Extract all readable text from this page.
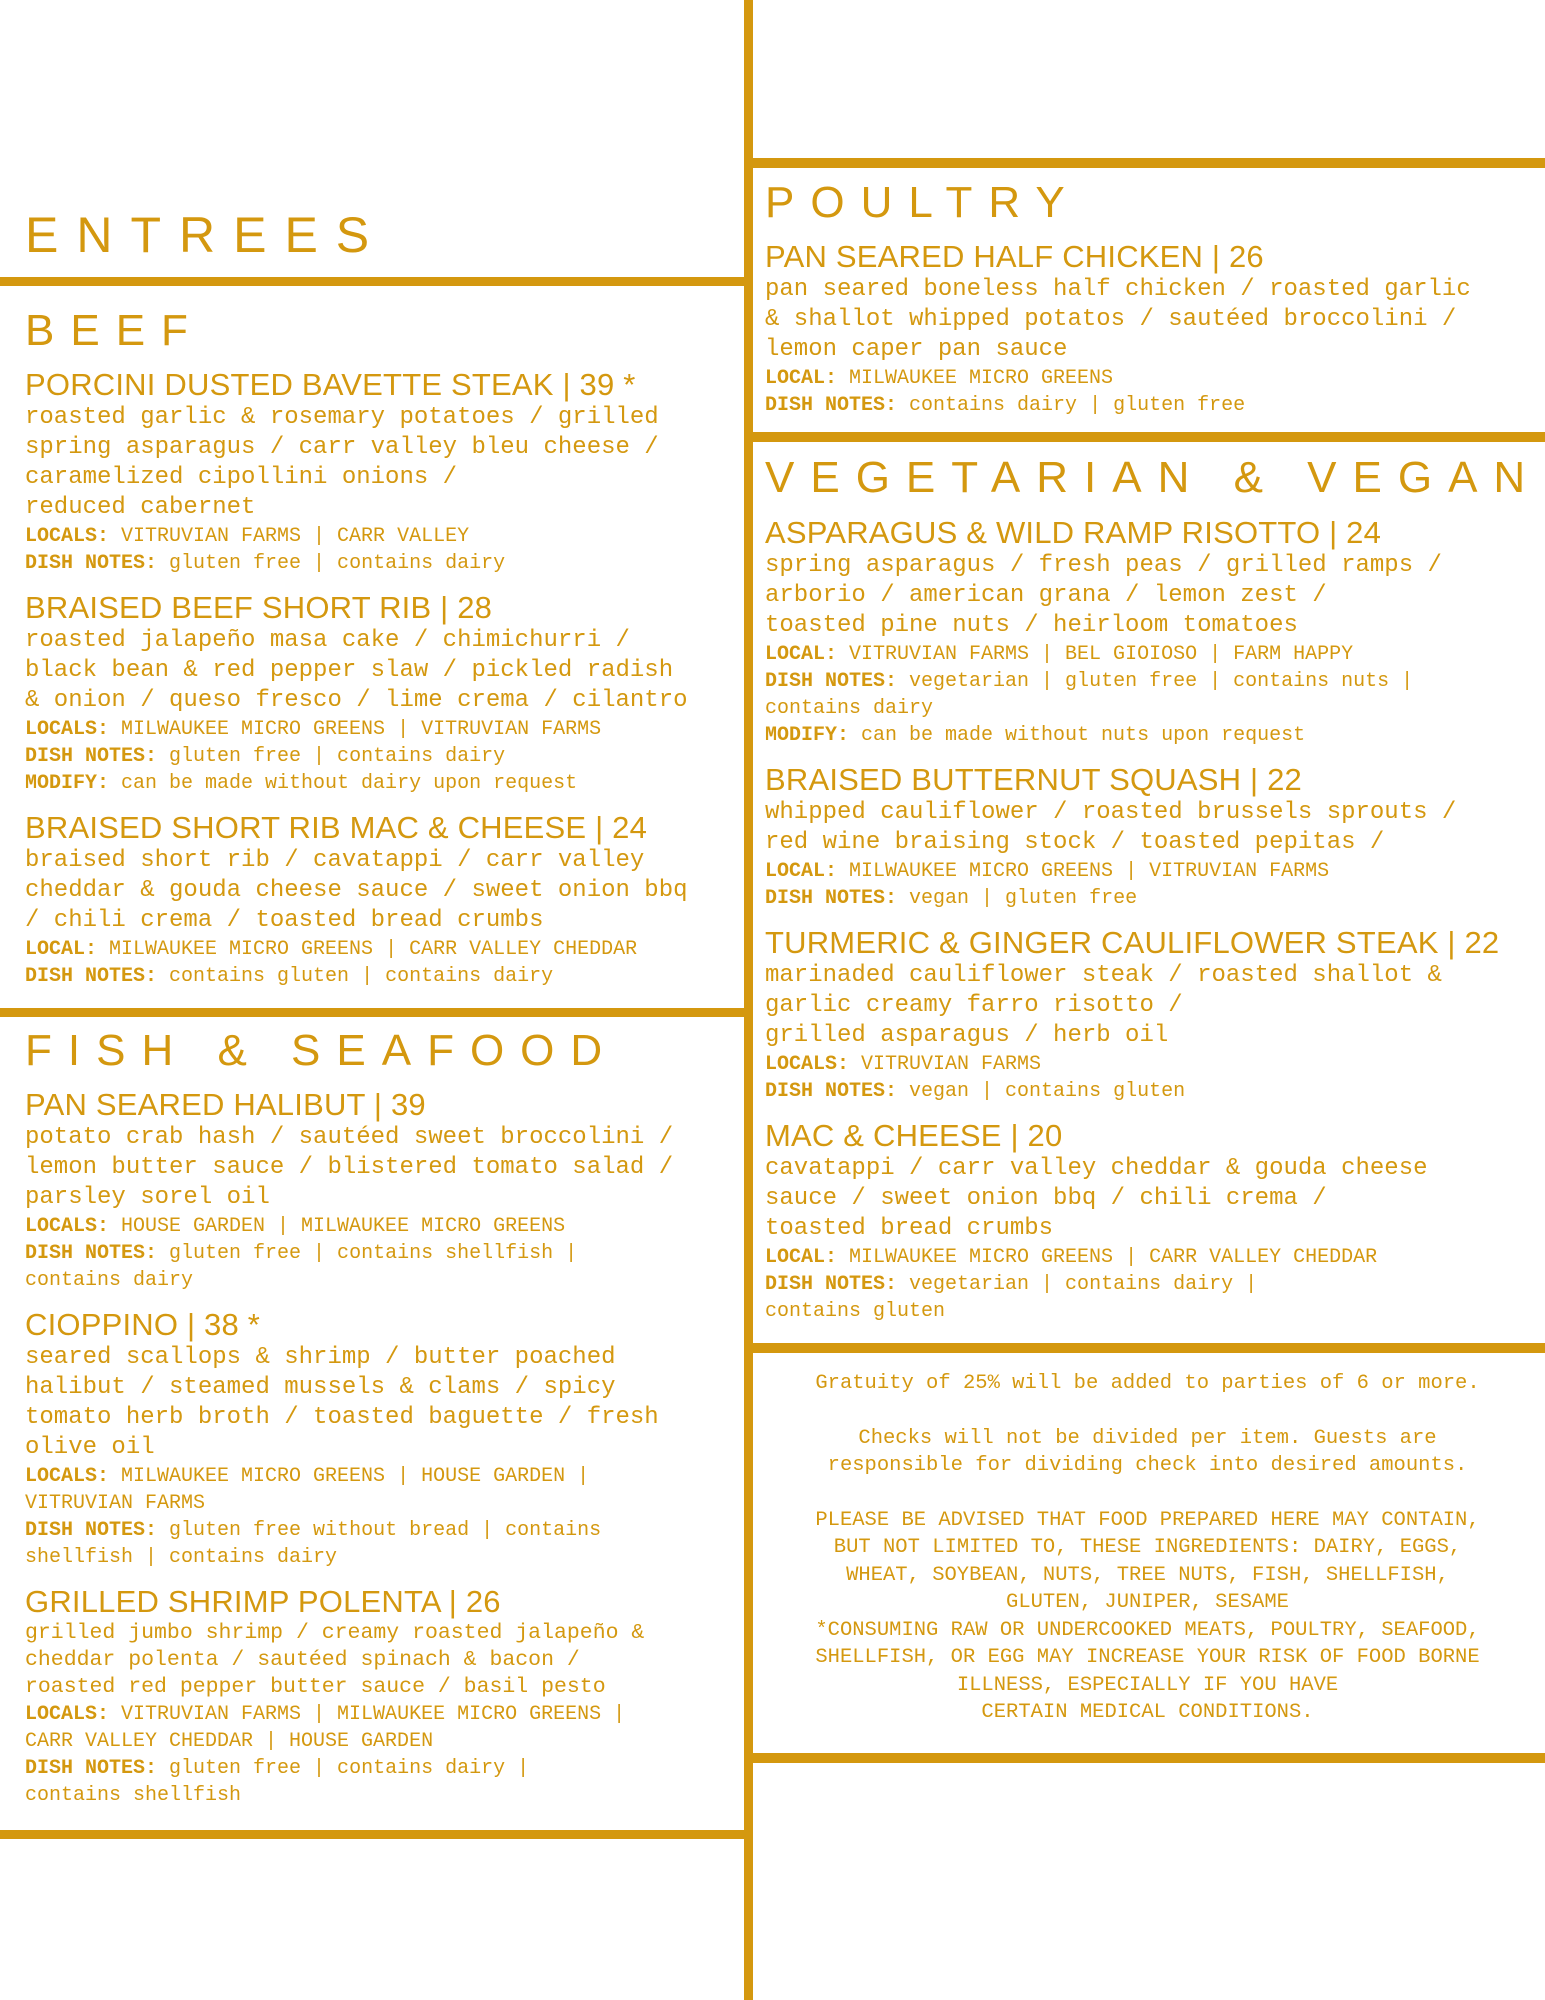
ENTREES
BEEF

PORCINI DUSTED BAVETTE STEAK | 39 *

roasted garlic & rosemary potatoes / grilled

spring asparagus / carr valley bleu cheese /

caramelized cipollini onions /

reduced cabernet

LOCALS: VITRUVIAN FARMS | CARR VALLEY

DISH NOTES: gluten free | contains dairy

BRAISED BEEF SHORT RIB | 28

roasted jalapeño masa cake / chimichurri /

black bean & red pepper slaw / pickled radish

& onion / queso fresco / lime crema / cilantro

LOCALS: MILWAUKEE MICRO GREENS | VITRUVIAN FARMS

DISH NOTES: gluten free | contains dairy

MODIFY: can be made without dairy upon request

BRAISED SHORT RIB MAC & CHEESE | 24

braised short rib / cavatappi / carr valley

cheddar & gouda cheese sauce / sweet onion bbq

/ chili crema / toasted bread crumbs

LOCAL: MILWAUKEE MICRO GREENS | CARR VALLEY CHEDDAR

DISH NOTES: contains gluten | contains dairy

FISH & SEAFOOD

PAN SEARED HALIBUT | 39

potato crab hash / sautéed sweet broccolini /

lemon butter sauce / blistered tomato salad /

parsley sorel oil

LOCALS: HOUSE GARDEN | MILWAUKEE MICRO GREENS

DISH NOTES: gluten free | contains shellfish |

contains dairy

CIOPPINO | 38 *

seared scallops & shrimp / butter poached

halibut / steamed mussels & clams / spicy

tomato herb broth / toasted baguette / fresh

olive oil

LOCALS: MILWAUKEE MICRO GREENS | HOUSE GARDEN |

VITRUVIAN FARMS

DISH NOTES: gluten free without bread | contains

shellfish | contains dairy

GRILLED SHRIMP POLENTA | 26

grilled jumbo shrimp / creamy roasted jalapeño &

cheddar polenta / sautéed spinach & bacon /

roasted red pepper butter sauce / basil pesto

LOCALS: VITRUVIAN FARMS | MILWAUKEE MICRO GREENS |

CARR VALLEY CHEDDAR | HOUSE GARDEN

DISH NOTES: gluten free | contains dairy |

contains shellfish

POULTRY

PAN SEARED HALF CHICKEN | 26

pan seared boneless half chicken / roasted garlic

& shallot whipped potatos / sautéed broccolini /

lemon caper pan sauce

LOCAL: MILWAUKEE MICRO GREENS

DISH NOTES: contains dairy | gluten free

VEGETARIAN & VEGAN

ASPARAGUS & WILD RAMP RISOTTO | 24

spring asparagus / fresh peas / grilled ramps /

arborio / american grana / lemon zest /

toasted pine nuts / heirloom tomatoes

LOCAL: VITRUVIAN FARMS | BEL GIOIOSO | FARM HAPPY

DISH NOTES: vegetarian | gluten free | contains nuts |

contains dairy

MODIFY: can be made without nuts upon request

BRAISED BUTTERNUT SQUASH | 22

whipped cauliflower / roasted brussels sprouts /

red wine braising stock / toasted pepitas /

LOCAL: MILWAUKEE MICRO GREENS | VITRUVIAN FARMS

DISH NOTES: vegan | gluten free

TURMERIC & GINGER CAULIFLOWER STEAK | 22

marinaded cauliflower steak / roasted shallot &

garlic creamy farro risotto /

grilled asparagus / herb oil

LOCALS: VITRUVIAN FARMS

DISH NOTES: vegan | contains gluten

MAC & CHEESE | 20

cavatappi / carr valley cheddar & gouda cheese

sauce / sweet onion bbq / chili crema /

toasted bread crumbs

LOCAL: MILWAUKEE MICRO GREENS | CARR VALLEY CHEDDAR

DISH NOTES: vegetarian | contains dairy |

contains gluten

Gratuity of 25% will be added to parties of 6 or more.

Checks will not be divided per item. Guests are

responsible for dividing check into desired amounts.

PLEASE BE ADVISED THAT FOOD PREPARED HERE MAY CONTAIN,

BUT NOT LIMITED TO, THESE INGREDIENTS: DAIRY, EGGS,

WHEAT, SOYBEAN, NUTS, TREE NUTS, FISH, SHELLFISH,

GLUTEN, JUNIPER, SESAME

*CONSUMING RAW OR UNDERCOOKED MEATS, POULTRY, SEAFOOD,

SHELLFISH, OR EGG MAY INCREASE YOUR RISK OF FOOD BORNE

ILLNESS, ESPECIALLY IF YOU HAVE

CERTAIN MEDICAL CONDITIONS.
